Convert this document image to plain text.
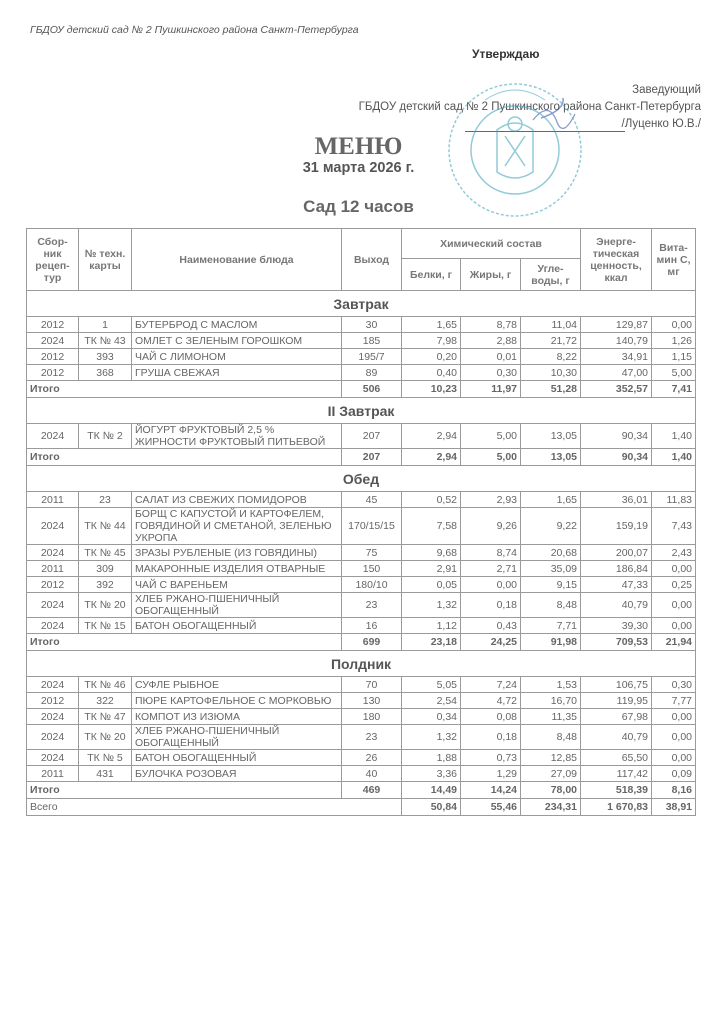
ГБДОУ детский сад № 2 Пушкинского района Санкт-Петербурга
Утверждаю
Заведующий
ГБДОУ детский сад № 2 Пушкинского района Санкт-Петербурга
/Луценко Ю.В./
МЕНЮ
31 марта 2026 г.
Сад 12 часов
Сбор-ник рецеп-тур	№ техн. карты	Наименование блюда	Выход	Химический состав			Энерге-тическая ценность, ккал	Вита-мин С, мг
				Белки, г	Жиры, г	Угле-воды, г		
Завтрак								
2012	1	БУТЕРБРОД С МАСЛОМ	30	1,65	8,78	11,04	129,87	0,00
2024	ТК № 43	ОМЛЕТ С ЗЕЛЕНЫМ ГОРОШКОМ	185	7,98	2,88	21,72	140,79	1,26
2012	393	ЧАЙ С ЛИМОНОМ	195/7	0,20	0,01	8,22	34,91	1,15
2012	368	ГРУША СВЕЖАЯ	89	0,40	0,30	10,30	47,00	5,00
Итого			506	10,23	11,97	51,28	352,57	7,41
II Завтрак								
2024	ТК № 2	ЙОГУРТ ФРУКТОВЫЙ 2,5 % ЖИРНОСТИ ФРУКТОВЫЙ ПИТЬЕВОЙ	207	2,94	5,00	13,05	90,34	1,40
Итого			207	2,94	5,00	13,05	90,34	1,40
Обед								
2011	23	САЛАТ ИЗ СВЕЖИХ ПОМИДОРОВ	45	0,52	2,93	1,65	36,01	11,83
2024	ТК № 44	БОРЩ С КАПУСТОЙ И КАРТОФЕЛЕМ, ГОВЯДИНОЙ И СМЕТАНОЙ, ЗЕЛЕНЬЮ УКРОПА	170/15/15	7,58	9,26	9,22	159,19	7,43
2024	ТК № 45	ЗРАЗЫ РУБЛЕНЫЕ (ИЗ ГОВЯДИНЫ)	75	9,68	8,74	20,68	200,07	2,43
2011	309	МАКАРОННЫЕ ИЗДЕЛИЯ ОТВАРНЫЕ	150	2,91	2,71	35,09	186,84	0,00
2012	392	ЧАЙ С ВАРЕНЬЕМ	180/10	0,05	0,00	9,15	47,33	0,25
2024	ТК № 20	ХЛЕБ РЖАНО-ПШЕНИЧНЫЙ ОБОГАЩЕННЫЙ	23	1,32	0,18	8,48	40,79	0,00
2024	ТК № 15	БАТОН ОБОГАЩЕННЫЙ	16	1,12	0,43	7,71	39,30	0,00
Итого			699	23,18	24,25	91,98	709,53	21,94
Полдник								
2024	ТК № 46	СУФЛЕ РЫБНОЕ	70	5,05	7,24	1,53	106,75	0,30
2012	322	ПЮРЕ КАРТОФЕЛЬНОЕ С МОРКОВЬЮ	130	2,54	4,72	16,70	119,95	7,77
2024	ТК № 47	КОМПОТ ИЗ ИЗЮМА	180	0,34	0,08	11,35	67,98	0,00
2024	ТК № 20	ХЛЕБ РЖАНО-ПШЕНИЧНЫЙ ОБОГАЩЕННЫЙ	23	1,32	0,18	8,48	40,79	0,00
2024	ТК № 5	БАТОН ОБОГАЩЕННЫЙ	26	1,88	0,73	12,85	65,50	0,00
2011	431	БУЛОЧКА РОЗОВАЯ	40	3,36	1,29	27,09	117,42	0,09
Итого			469	14,49	14,24	78,00	518,39	8,16
Всего				50,84	55,46	234,31	1 670,83	38,91
